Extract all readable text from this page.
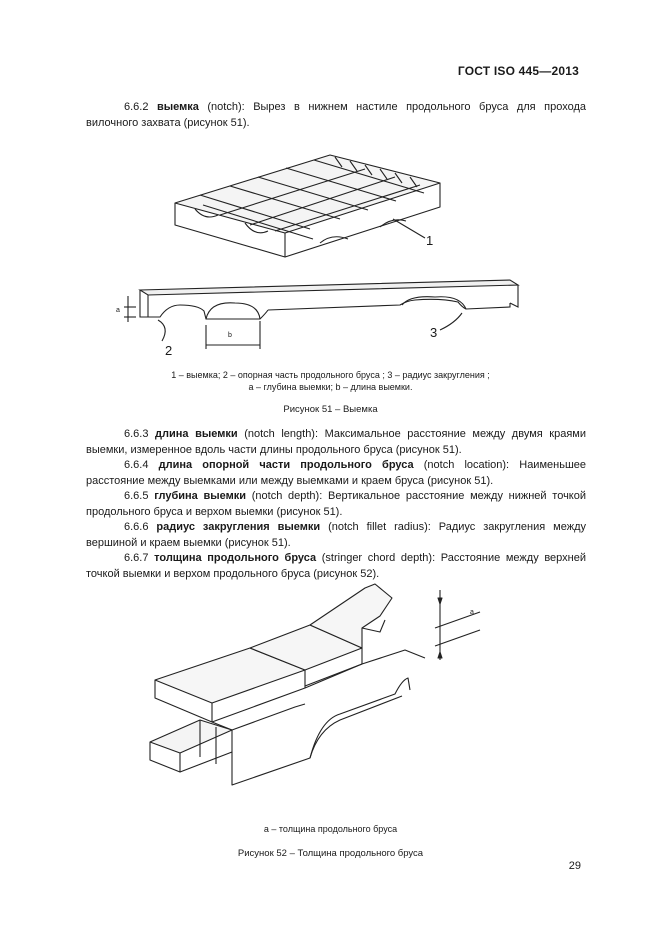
ГОСТ ISO 445—2013
6.6.2 выемка (notch): Вырез в нижнем настиле продольного бруса для прохода вилочного захвата (рисунок 51).
1
b
a
2
3
1 – выемка; 2 – опорная часть продольного бруса ; 3 – радиус закругления ;
a – глубина выемки; b – длина выемки.
Рисунок 51 – Выемка
6.6.3 длина выемки (notch length): Максимальное расстояние между двумя краями выемки, измеренное вдоль части длины продольного бруса (рисунок 51).
6.6.4 длина опорной части продольного бруса (notch location): Наименьшее расстояние между выемками или между выемками и краем бруса (рисунок 51).
6.6.5 глубина выемки (notch depth): Вертикальное расстояние между нижней точкой продольного бруса и верхом выемки (рисунок 51).
6.6.6 радиус закругления выемки (notch fillet radius): Радиус закругления между вершиной и краем выемки (рисунок 51).
6.6.7 толщина продольного бруса (stringer chord depth): Расстояние между верхней точкой выемки и верхом продольного бруса (рисунок 52).
a
a – толщина продольного бруса
Рисунок 52 – Толщина продольного бруса
29
